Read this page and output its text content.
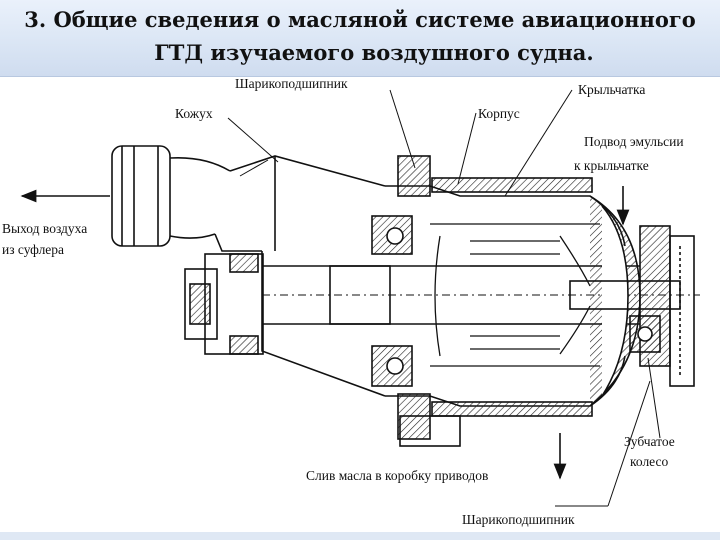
3. Общие сведения о масляной системе авиационного
ГТД изучаемого воздушного судна.
Шарикоподшипник	Крыльчатка
Кожух	Корпус
Подвод эмульсии
к крыльчатке
Выход воздуха
из суфлера
Зубчатое
колесо
Слив масла в коробку приводов
Шарикоподшипник
